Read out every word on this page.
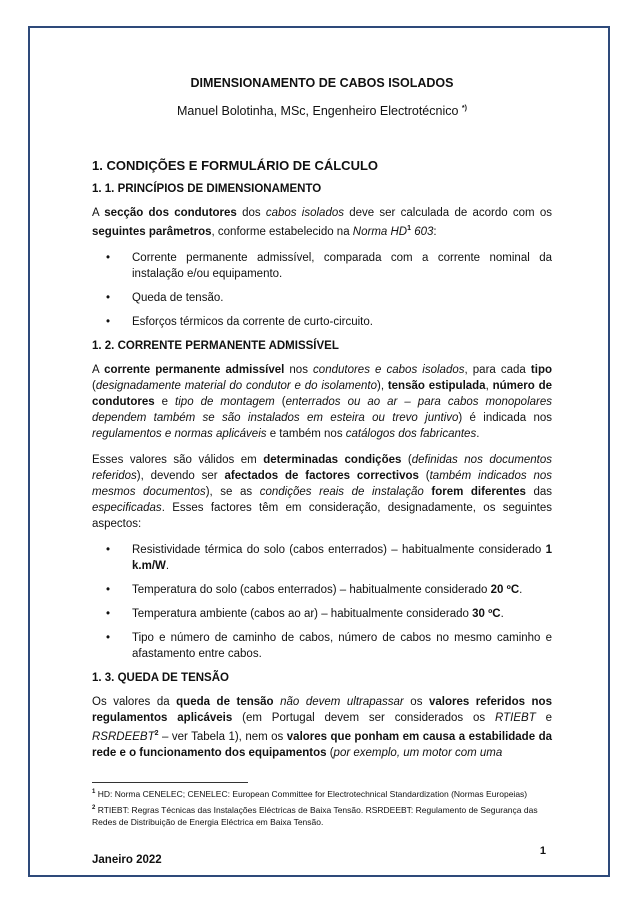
DIMENSIONAMENTO DE CABOS ISOLADOS
Manuel Bolotinha, MSc, Engenheiro Electrotécnico *)
1. CONDIÇÕES E FORMULÁRIO DE CÁLCULO
1. 1. PRINCÍPIOS DE DIMENSIONAMENTO

A secção dos condutores dos cabos isolados deve ser calculada de acordo com os seguintes parâmetros, conforme estabelecido na Norma $HD^1$ 603:

• Corrente permanente admissível, comparada com a corrente nominal da instalação e/ou equipamento.
• Queda de tensão.
• Esforços térmicos da corrente de curto-circuito.
1. 2. CORRENTE PERMANENTE ADMISSÍVEL

A corrente permanente admissível nos condutores e cabos isolados, para cada tipo (designadamente material do condutor e do isolamento), tensão estipulada, número de condutores e tipo de montagem (enterrados ou ao ar – para cabos monopolares dependem também se são instalados em esteira ou trevo juntivo) é indicada nos regulamentos e normas aplicáveis e também nos catálogos dos fabricantes.

Esses valores são válidos em determinadas condições (definidas nos documentos referidos), devendo ser afectados de factores correctivos (também indicados nos mesmos documentos), se as condições reais de instalação forem diferentes das especificadas. Esses factores têm em consideração, designadamente, os seguintes aspectos:

• Resistividade térmica do solo (cabos enterrados) – habitualmente considerado 1 k.m/W.
• Temperatura do solo (cabos enterrados) – habitualmente considerado 20 ºC.
• Temperatura ambiente (cabos ao ar) – habitualmente considerado 30 ºC.
• Tipo e número de caminho de cabos, número de cabos no mesmo caminho e afastamento entre cabos.
1. 3. QUEDA DE TENSÃO

Os valores da queda de tensão não devem ultrapassar os valores referidos nos regulamentos aplicáveis (em Portugal devem ser considerados os RTIEBT e RSRDEEBT$^2$ – ver Tabela 1), nem os valores que ponham em causa a estabilidade da rede e o funcionamento dos equipamentos (por exemplo, um motor com uma

$^1$ HD: Norma CENELEC; CENELEC: European Committee for Electrotechnical Standardization (Normas Europeias)

$^2$ RTIEBT: Regras Técnicas das Instalações Eléctricas de Baixa Tensão. RSRDEEBT: Regulamento de Segurança das Redes de Distribuição de Energia Eléctrica em Baixa Tensão.

1
Janeiro 2022
